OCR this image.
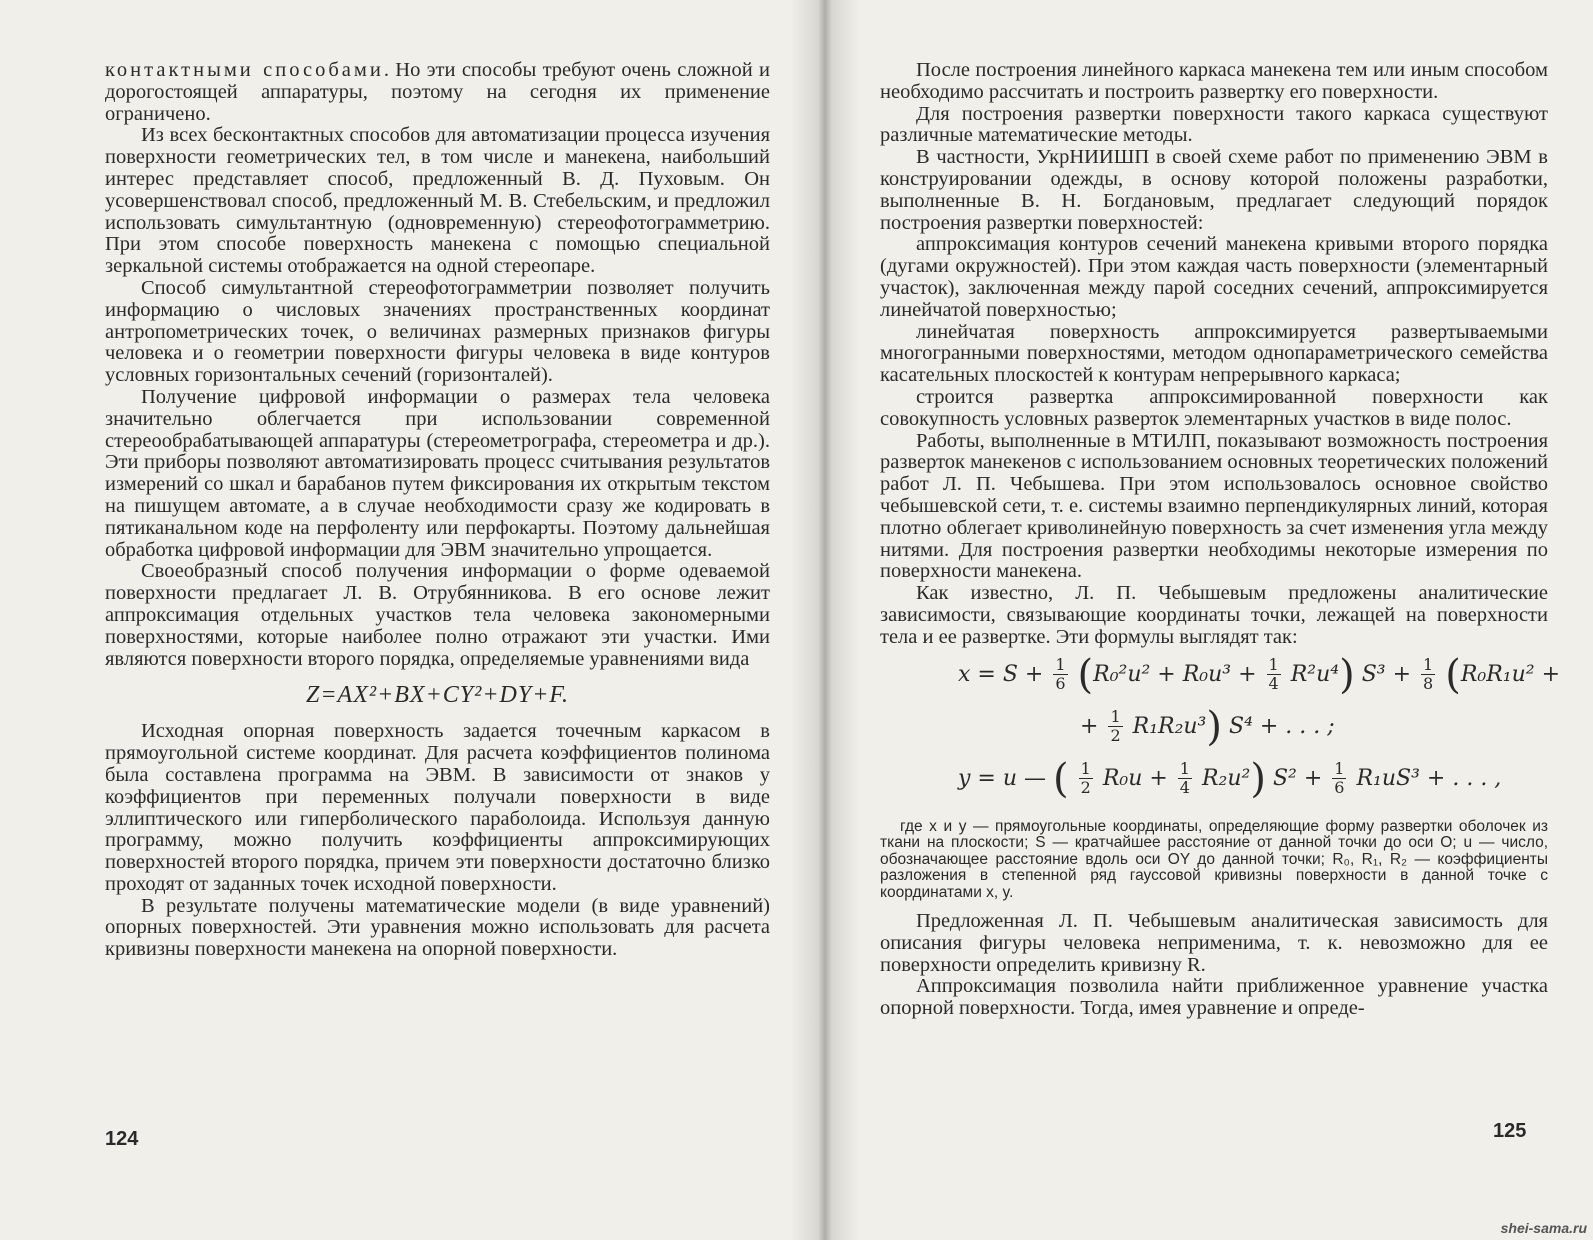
контактными способами. Но эти способы требуют очень сложной и дорогостоящей аппаратуры, поэтому на сегодня их применение ограничено.

Из всех бесконтактных способов для автоматизации процесса изучения поверхности геометрических тел, в том числе и манекена, наибольший интерес представляет способ, предложенный В. Д. Пуховым. Он усовершенствовал способ, предложенный М. В. Стебельским, и предложил использовать симультантную (одновременную) стереофотограмметрию. При этом способе поверхность манекена с помощью специальной зеркальной системы отображается на одной стереопаре.

Способ симультантной стереофотограмметрии позволяет получить информацию о числовых значениях пространственных координат антропометрических точек, о величинах размерных признаков фигуры человека и о геометрии поверхности фигуры человека в виде контуров условных горизонтальных сечений (горизонталей).

Получение цифровой информации о размерах тела человека значительно облегчается при использовании современной стереообрабатывающей аппаратуры (стереометрографа, стереометра и др.). Эти приборы позволяют автоматизировать процесс считывания результатов измерений со шкал и барабанов путем фиксирования их открытым текстом на пишущем автомате, а в случае необходимости сразу же кодировать в пятиканальном коде на перфоленту или перфокарты. Поэтому дальнейшая обработка цифровой информации для ЭВМ значительно упрощается.

Своеобразный способ получения информации о форме одеваемой поверхности предлагает Л. В. Отрубянникова. В его основе лежит аппроксимация отдельных участков тела человека закономерными поверхностями, которые наиболее полно отражают эти участки. Ими являются поверхности второго порядка, определяемые уравнениями вида

Z=AX²+BX+CY²+DY+F.

Исходная опорная поверхность задается точечным каркасом в прямоугольной системе координат. Для расчета коэффициентов полинома была составлена программа на ЭВМ. В зависимости от знаков у коэффициентов при переменных получали поверхности в виде эллиптического или гиперболического параболоида. Используя данную программу, можно получить коэффициенты аппроксимирующих поверхностей второго порядка, причем эти поверхности достаточно близко проходят от заданных точек исходной поверхности.

В результате получены математические модели (в виде уравнений) опорных поверхностей. Эти уравнения можно использовать для расчета кривизны поверхности манекена на опорной поверхности.

124

После построения линейного каркаса манекена тем или иным способом необходимо рассчитать и построить развертку его поверхности.

Для построения развертки поверхности такого каркаса существуют различные математические методы.

В частности, УкрНИИШП в своей схеме работ по применению ЭВМ в конструировании одежды, в основу которой положены разработки, выполненные В. Н. Богдановым, предлагает следующий порядок построения развертки поверхностей:

аппроксимация контуров сечений манекена кривыми второго порядка (дугами окружностей). При этом каждая часть поверхности (элементарный участок), заключенная между парой соседних сечений, аппроксимируется линейчатой поверхностью;

линейчатая поверхность аппроксимируется развертываемыми многогранными поверхностями, методом однопараметрического семейства касательных плоскостей к контурам непрерывного каркаса;

строится развертка аппроксимированной поверхности как совокупность условных разверток элементарных участков в виде полос.

Работы, выполненные в МТИЛП, показывают возможность построения разверток манекенов с использованием основных теоретических положений работ Л. П. Чебышева. При этом использовалось основное свойство чебышевской сети, т. е. системы взаимно перпендикулярных линий, которая плотно облегает криволинейную поверхность за счет изменения угла между нитями. Для построения развертки необходимы некоторые измерения по поверхности манекена.

Как известно, Л. П. Чебышевым предложены аналитические зависимости, связывающие координаты точки, лежащей на поверхности тела и ее развертке. Эти формулы выглядят так:

$x = S + \frac{1}{6} (R_0^2u^2 + R_0u^3 + \frac{1}{4} R^2u^4) S^3 + \frac{1}{8} (R_0R_1u^2$ +
+ $\frac{1}{2} R_1R_2u^3$) S⁴ + . . . ;
y = u — ( $\frac{1}{2} R_0u + \frac{1}{4} R_2u^2$) $S^2 + \frac{1}{6} R_1uS^3$ + . . . ,

где x и y — прямоугольные координаты, определяющие форму развертки оболочек из ткани на плоскости; S — кратчайшее расстояние от данной точки до оси O; u — число, обозначающее расстояние вдоль оси OY до данной точки; R₀, R₁, R₂ — коэффициенты разложения в степенной ряд гауссовой кривизны поверхности в данной точке с координатами x, y.

Предложенная Л. П. Чебышевым аналитическая зависимость для описания фигуры человека неприменима, т. к. невозможно для ее поверхности определить кривизну R.

Аппроксимация позволила найти приближенное уравнение участка опорной поверхности. Тогда, имея уравнение и опреде-

125
shei-sama.ru
